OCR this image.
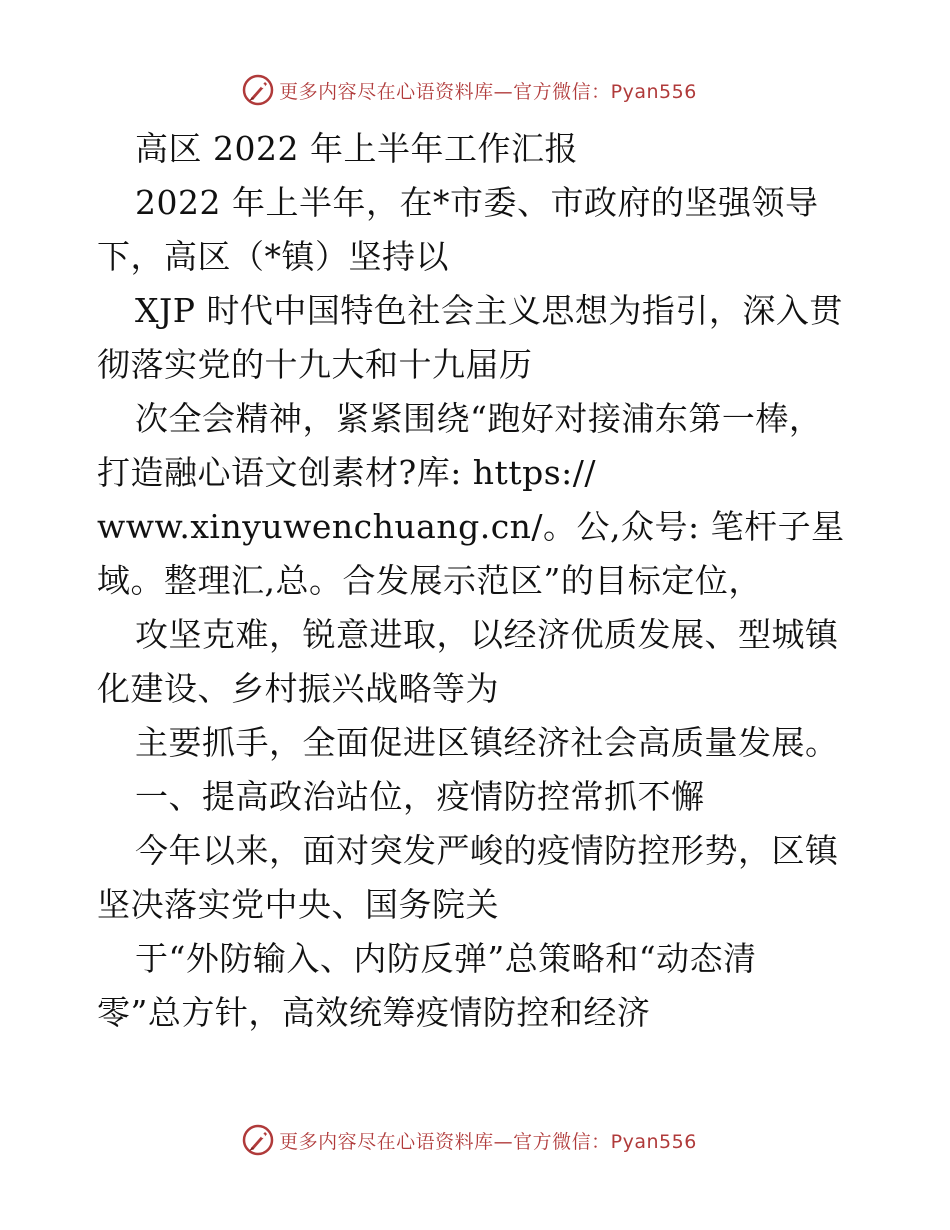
更多内容尽在心语资料库—官方微信：Pyan556
高区 2022 年上半年工作汇报
2022 年上半年，在*市委、市政府的坚强领导
下，高区（*镇）坚持以
XJP 时代中国特色社会主义思想为指引，深入贯
彻落实党的十九大和十九届历
次全会精神，紧紧围绕“跑好对接浦东第一棒，
打造融心语文创素材?库: https://
www.xinyuwenchuang.cn/。公,众号: 笔杆子星
域。整理汇,总。合发展示范区”的目标定位，
攻坚克难，锐意进取，以经济优质发展、型城镇
化建设、乡村振兴战略等为
主要抓手，全面促进区镇经济社会高质量发展。
一、提高政治站位，疫情防控常抓不懈
今年以来，面对突发严峻的疫情防控形势，区镇
坚决落实党中央、国务院关
于“外防输入、内防反弹”总策略和“动态清
零”总方针，高效统筹疫情防控和经济
更多内容尽在心语资料库—官方微信：Pyan556
